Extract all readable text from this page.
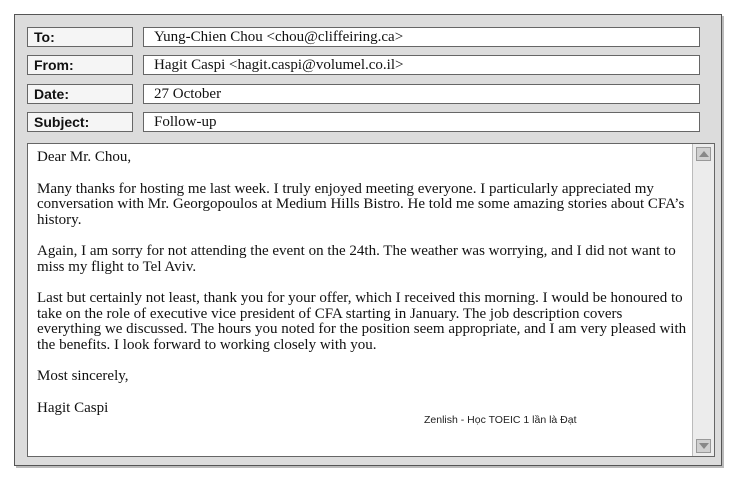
To:	Yung-Chien Chou <chou@cliffeiring.ca>
From:	Hagit Caspi <hagit.caspi@volumel.co.il>
Date:	27 October
Subject:	Follow-up

Dear Mr. Chou,

Many thanks for hosting me last week. I truly enjoyed meeting everyone. I particularly appreciated my conversation with Mr. Georgopoulos at Medium Hills Bistro. He told me some amazing stories about CFA’s history.

Again, I am sorry for not attending the event on the 24th. The weather was worrying, and I did not want to miss my flight to Tel Aviv.

Last but certainly not least, thank you for your offer, which I received this morning. I would be honoured to take on the role of executive vice president of CFA starting in January. The job description covers everything we discussed. The hours you noted for the position seem appropriate, and I am very pleased with the benefits. I look forward to working closely with you.

Most sincerely,

Hagit Caspi

Zenlish - Học TOEIC 1 lần là Đạt
